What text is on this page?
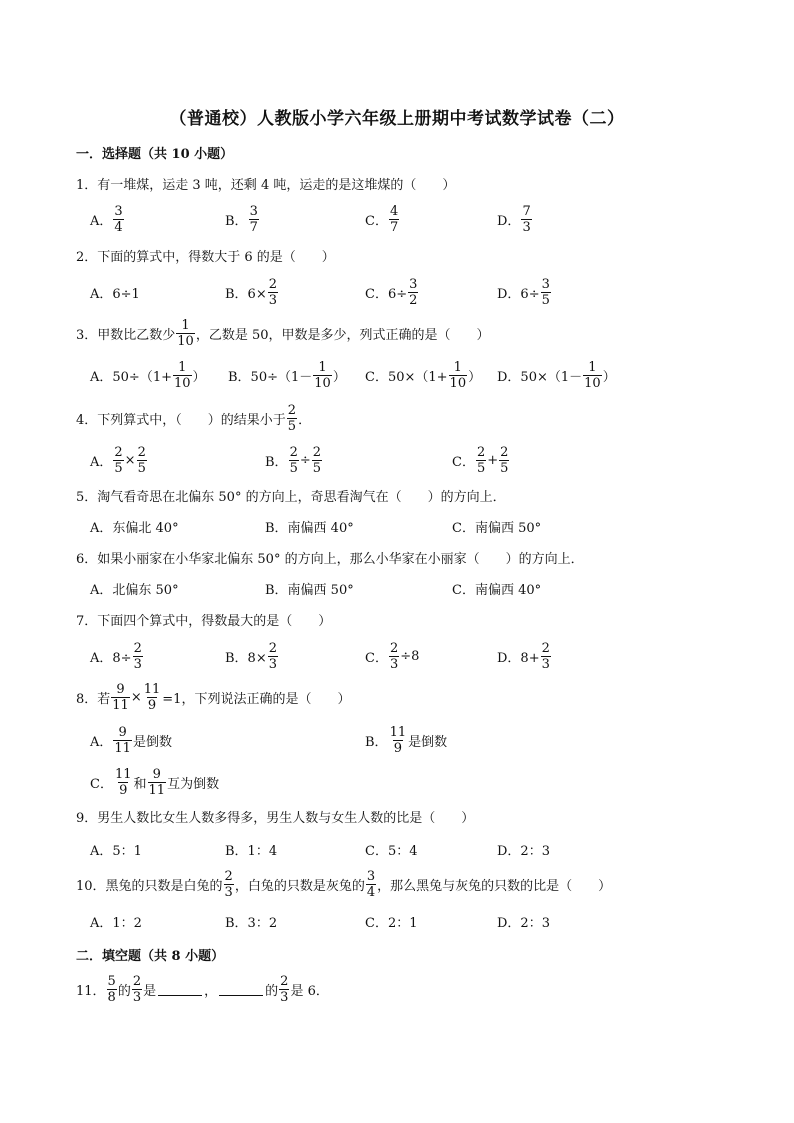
（普通校）人教版小学六年级上册期中考试数学试卷（二）
一．选择题（共 10 小题）
1．有一堆煤，运走 3 吨，还剩 4 吨，运走的是这堆煤的（　　）
A． $\frac{3}{4}$	B． $\frac{3}{7}$	C． $\frac{4}{7}$	D． $\frac{7}{3}$
2．下面的算式中，得数大于 6 的是（　　）
A．6÷1	B．$6\times \frac{2}{3}$	C．$6\div \frac{3}{2}$	D．$6\div \frac{3}{5}$
3．甲数比乙数少 $\frac{1}{10}$ ，乙数是 50，甲数是多少，列式正确的是（　　）
A．$50\div(1+ \frac{1}{10}$ ） B．$50\div(1- \frac{1}{10}$ ） C．$50\times(1+ \frac{1}{10}$ ） D．$50\times(1- \frac{1}{10}$ ）
4．下列算式中，（　　）的结果小于 $\frac{2}{5}$ ．
A． $\frac{2}{5} \times \frac{2}{5}$	B． $\frac{2}{5} \div \frac{2}{5}$	C． $\frac{2}{5} + \frac{2}{5}$
5．淘气看奇思在北偏东 50° 的方向上，奇思看淘气在（　　）的方向上．
A．东偏北 40°	B．南偏西 40°	C．南偏西 50°
6．如果小丽家在小华家北偏东 50° 的方向上，那么小华家在小丽家（　　）的方向上．
A．北偏东 50°	B．南偏西 50°	C．南偏西 40°
7．下面四个算式中，得数最大的是（　　）
A．$8\div \frac{2}{3}$	B．$8\times \frac{2}{3}$	C． $\frac{2}{3} \div 8$	D．$8+ \frac{2}{3}$
8．若 $\frac{9}{11} \times \frac{11}{9} =1$，下列说法正确的是（　　）
A． $\frac{9}{11}$ 是倒数	B． $\frac{11}{9}$ 是倒数
C． $\frac{11}{9}$ 和 $\frac{9}{11}$ 互为倒数
9．男生人数比女生人数多得多，男生人数与女生人数的比是（　　）
A．5：1	B．1：4	C．5：4	D．2：3
10．黑兔的只数是白兔的 $\frac{2}{3}$ ，白兔的只数是灰兔的 $\frac{3}{4}$ ，那么黑兔与灰兔的只数的比是（　　）
A．1：2	B．3：2	C．2：1	D．2：3
二．填空题（共 8 小题）
11． $\frac{5}{8}$ 的 $\frac{2}{3}$ 是	，	的 $\frac{2}{3}$ 是 6．
